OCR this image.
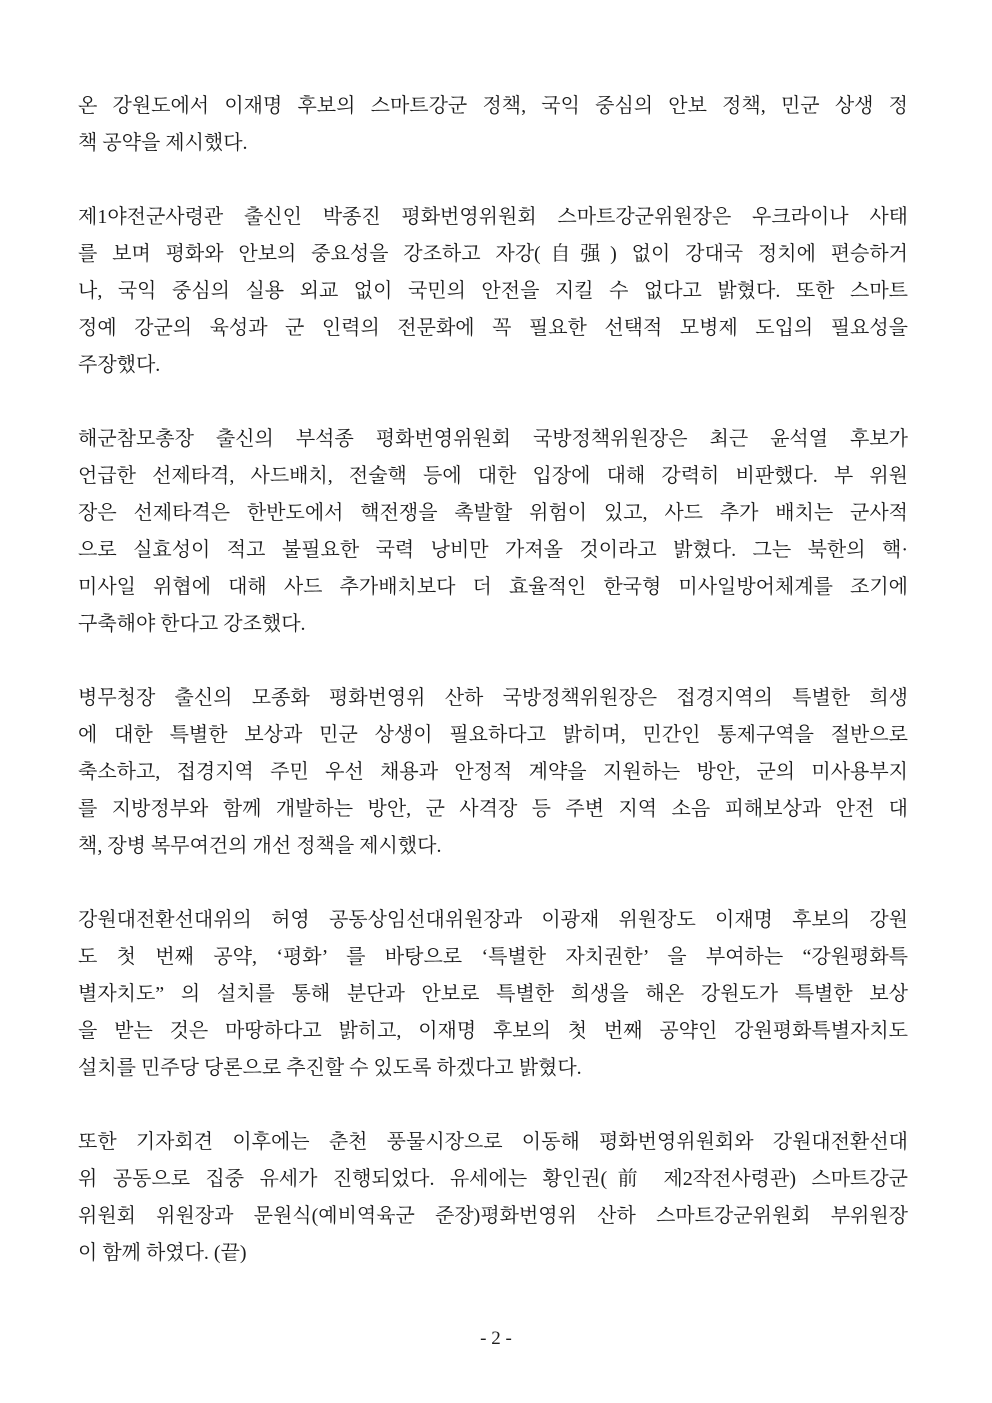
온 강원도에서 이재명 후보의 스마트강군 정책, 국익 중심의 안보 정책, 민군 상생 정
책 공약을 제시했다.
제1야전군사령관 출신인 박종진 평화번영위원회 스마트강군위원장은 우크라이나 사태
를 보며 평화와 안보의 중요성을 강조하고 자강(自强) 없이 강대국 정치에 편승하거
나, 국익 중심의 실용 외교 없이 국민의 안전을 지킬 수 없다고 밝혔다. 또한 스마트
정예 강군의 육성과 군 인력의 전문화에 꼭 필요한 선택적 모병제 도입의 필요성을
주장했다.
해군참모총장 출신의 부석종 평화번영위원회 국방정책위원장은 최근 윤석열 후보가
언급한 선제타격, 사드배치, 전술핵 등에 대한 입장에 대해 강력히 비판했다. 부 위원
장은 선제타격은 한반도에서 핵전쟁을 촉발할 위험이 있고, 사드 추가 배치는 군사적
으로 실효성이 적고 불필요한 국력 낭비만 가져올 것이라고 밝혔다. 그는 북한의 핵·
미사일 위협에 대해 사드 추가배치보다 더 효율적인 한국형 미사일방어체계를 조기에
구축해야 한다고 강조했다.
병무청장 출신의 모종화 평화번영위 산하 국방정책위원장은 접경지역의 특별한 희생
에 대한 특별한 보상과 민군 상생이 필요하다고 밝히며, 민간인 통제구역을 절반으로
축소하고, 접경지역 주민 우선 채용과 안정적 계약을 지원하는 방안, 군의 미사용부지
를 지방정부와 함께 개발하는 방안, 군 사격장 등 주변 지역 소음 피해보상과 안전 대
책, 장병 복무여건의 개선 정책을 제시했다.
강원대전환선대위의 허영 공동상임선대위원장과 이광재 위원장도 이재명 후보의 강원
도 첫 번째 공약, ‘평화’ 를 바탕으로 ‘특별한 자치권한’ 을 부여하는 “강원평화특
별자치도” 의 설치를 통해 분단과 안보로 특별한 희생을 해온 강원도가 특별한 보상
을 받는 것은 마땅하다고 밝히고, 이재명 후보의 첫 번째 공약인 강원평화특별자치도
설치를 민주당 당론으로 추진할 수 있도록 하겠다고 밝혔다.
또한 기자회견 이후에는 춘천 풍물시장으로 이동해 평화번영위원회와 강원대전환선대
위 공동으로 집중 유세가 진행되었다. 유세에는 황인권(前 제2작전사령관) 스마트강군
위원회 위원장과 문원식(예비역육군 준장)평화번영위 산하 스마트강군위원회 부위원장
이 함께 하였다. (끝)
- 2 -
